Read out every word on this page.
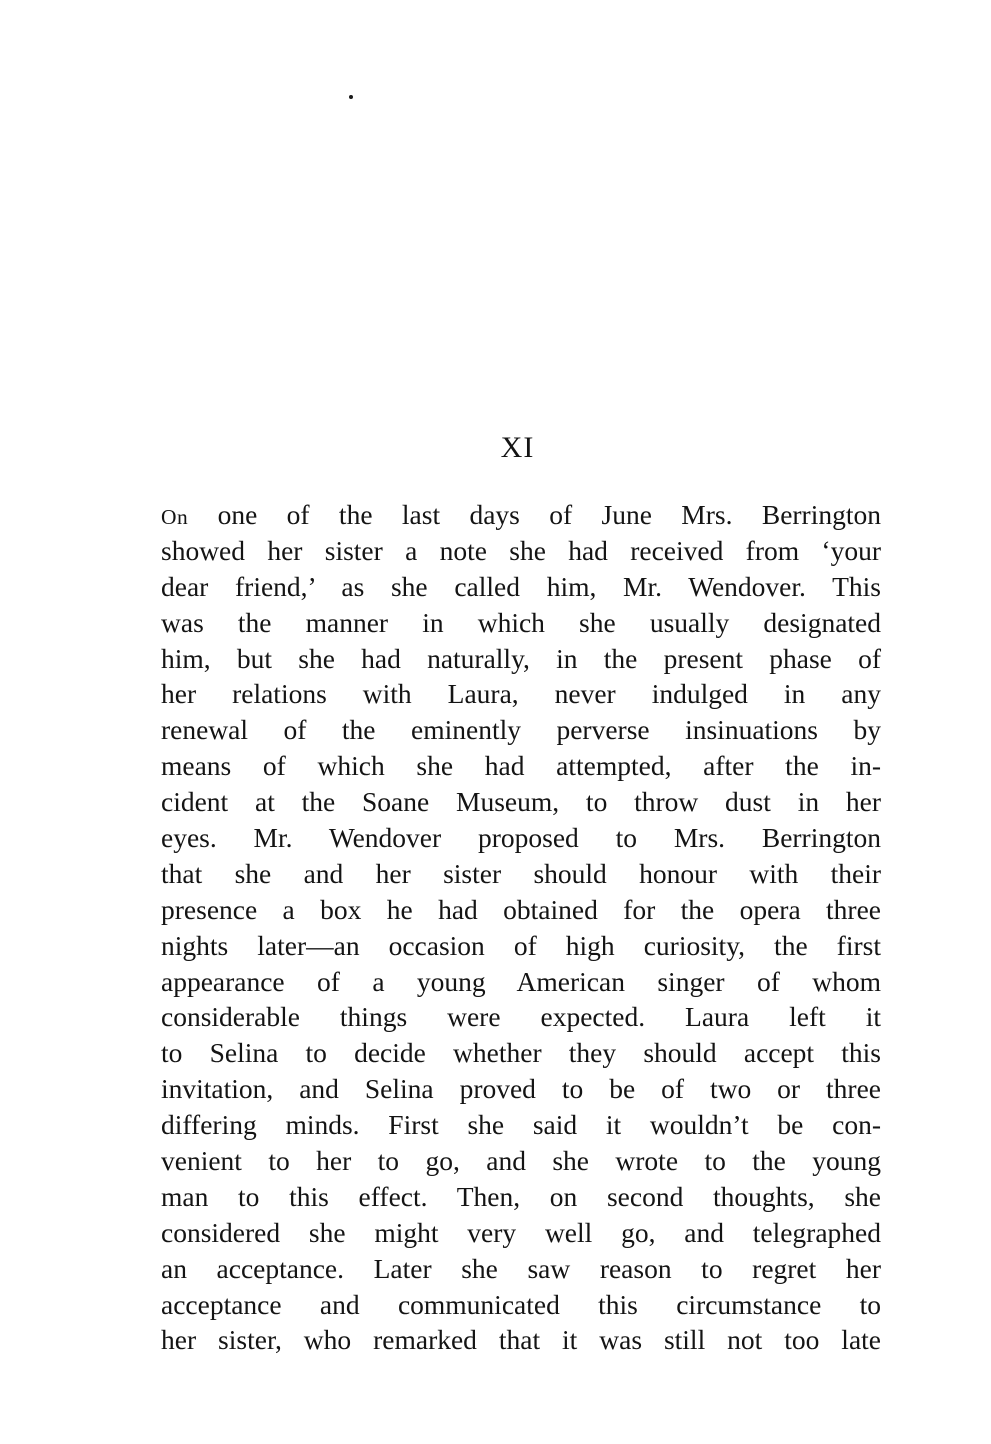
XI
On one of the last days of June Mrs. Berrington
showed her sister a note she had received from ‘your
dear friend,’ as she called him, Mr. Wendover. This
was the manner in which she usually designated
him, but she had naturally, in the present phase of
her relations with Laura, never indulged in any
renewal of the eminently perverse insinuations by
means of which she had attempted, after the in-
cident at the Soane Museum, to throw dust in her
eyes. Mr. Wendover proposed to Mrs. Berrington
that she and her sister should honour with their
presence a box he had obtained for the opera three
nights later—an occasion of high curiosity, the first
appearance of a young American singer of whom
considerable things were expected. Laura left it
to Selina to decide whether they should accept this
invitation, and Selina proved to be of two or three
differing minds. First she said it wouldn’t be con-
venient to her to go, and she wrote to the young
man to this effect. Then, on second thoughts, she
considered she might very well go, and telegraphed
an acceptance. Later she saw reason to regret her
acceptance and communicated this circumstance to
her sister, who remarked that it was still not too late
